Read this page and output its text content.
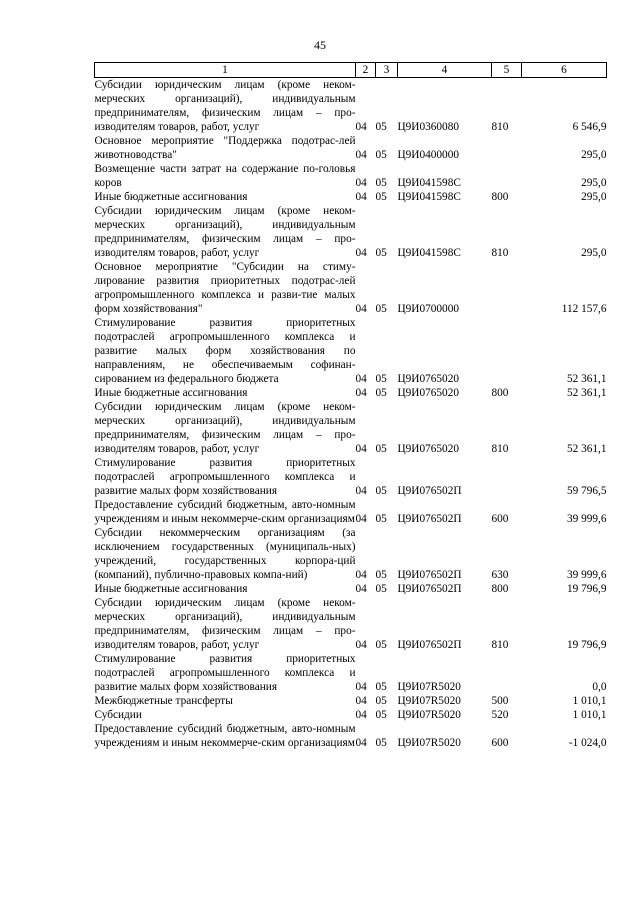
45
1	2	3	4	5	6
Субсидии юридическим лицам (кроме неком-мерческих организаций), индивидуальным предпринимателям, физическим лицам – про-изводителям товаров, работ, услуг	04	05	Ц9И0360080	810	6 546,9
Основное мероприятие "Поддержка подотрас-лей животноводства"	04	05	Ц9И0400000		295,0
Возмещение части затрат на содержание по-головья коров	04	05	Ц9И041598С		295,0
Иные бюджетные ассигнования	04	05	Ц9И041598С	800	295,0
Субсидии юридическим лицам (кроме неком-мерческих организаций), индивидуальным предпринимателям, физическим лицам – про-изводителям товаров, работ, услуг	04	05	Ц9И041598С	810	295,0
Основное мероприятие "Субсидии на стиму-лирование развития приоритетных подотрас-лей агропромышленного комплекса и разви-тие малых форм хозяйствования"	04	05	Ц9И0700000		112 157,6
Стимулирование развития приоритетных подотраслей агропромышленного комплекса и развитие малых форм хозяйствования по направлениям, не обеспечиваемым софинан-сированием из федерального бюджета	04	05	Ц9И0765020		52 361,1
Иные бюджетные ассигнования	04	05	Ц9И0765020	800	52 361,1
Субсидии юридическим лицам (кроме неком-мерческих организаций), индивидуальным предпринимателям, физическим лицам – про-изводителям товаров, работ, услуг	04	05	Ц9И0765020	810	52 361,1
Стимулирование развития приоритетных подотраслей агропромышленного комплекса и развитие малых форм хозяйствования	04	05	Ц9И076502П		59 796,5
Предоставление субсидий бюджетным, авто-номным учреждениям и иным некоммерче-ским организациям	04	05	Ц9И076502П	600	39 999,6
Субсидии некоммерческим организациям (за исключением государственных (муниципаль-ных) учреждений, государственных корпора-ций (компаний), публично-правовых компа-ний)	04	05	Ц9И076502П	630	39 999,6
Иные бюджетные ассигнования	04	05	Ц9И076502П	800	19 796,9
Субсидии юридическим лицам (кроме неком-мерческих организаций), индивидуальным предпринимателям, физическим лицам – про-изводителям товаров, работ, услуг	04	05	Ц9И076502П	810	19 796,9
Стимулирование развития приоритетных подотраслей агропромышленного комплекса и развитие малых форм хозяйствования	04	05	Ц9И07R5020		0,0
Межбюджетные трансферты	04	05	Ц9И07R5020	500	1 010,1
Субсидии	04	05	Ц9И07R5020	520	1 010,1
Предоставление субсидий бюджетным, авто-номным учреждениям и иным некоммерче-ским организациям	04	05	Ц9И07R5020	600	-1 024,0
